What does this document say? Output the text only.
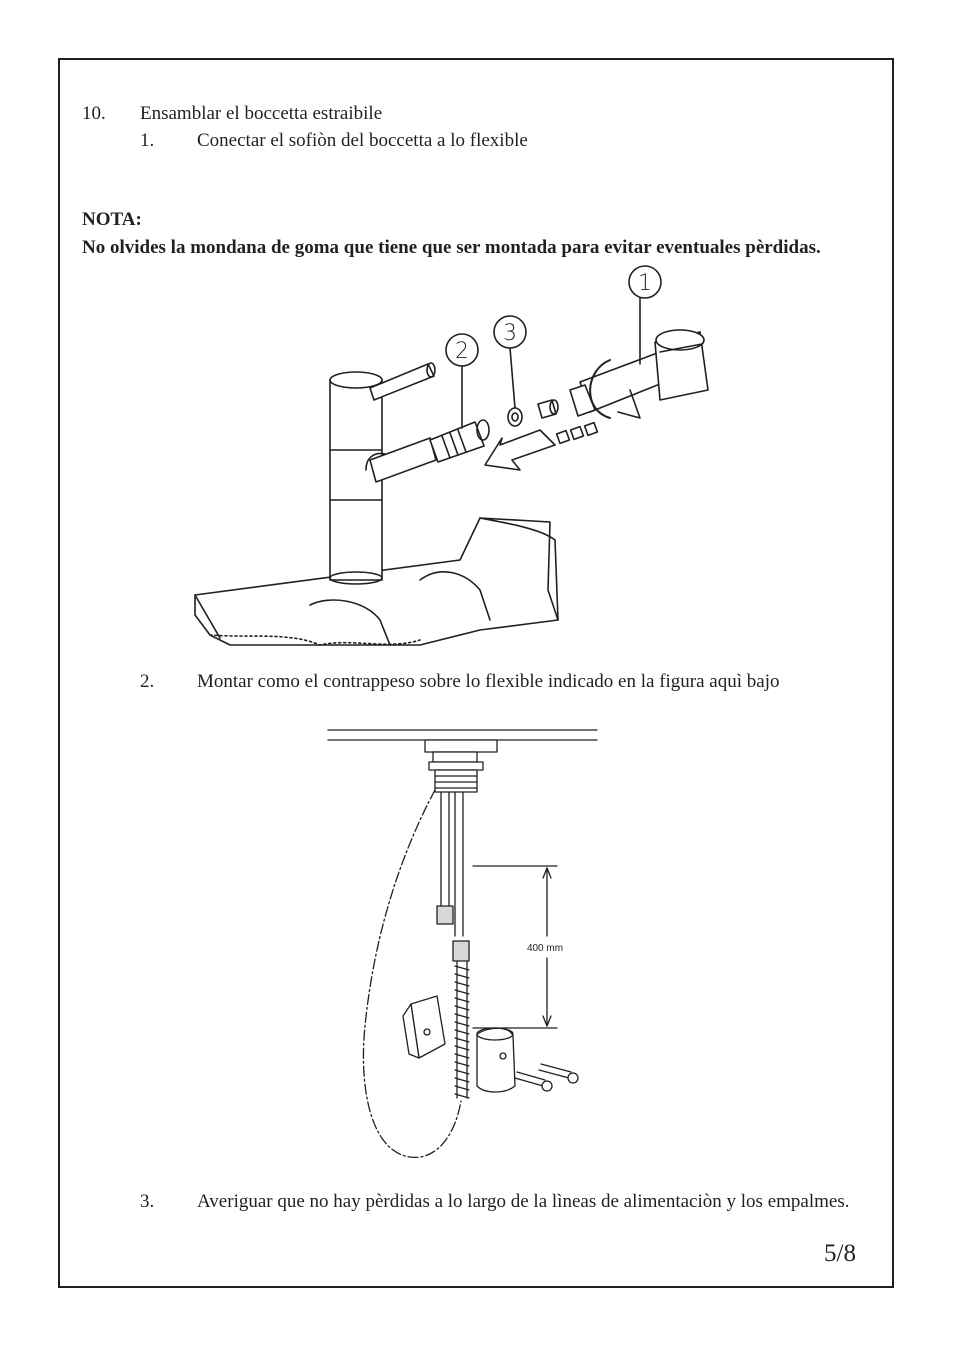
10. Ensamblar el boccetta estraibile
1. Conectar el sofiòn del boccetta a lo flexible
NOTA:
No olvides la mondana de goma que tiene que ser montada para evitar eventuales pèrdidas.
1
2
3
2. Montar como el contrappeso sobre lo flexible indicado en la figura aquì bajo
400 mm
3. Averiguar que no hay pèrdidas a lo largo de la lìneas de alimentaciòn y los empalmes.
5/8
